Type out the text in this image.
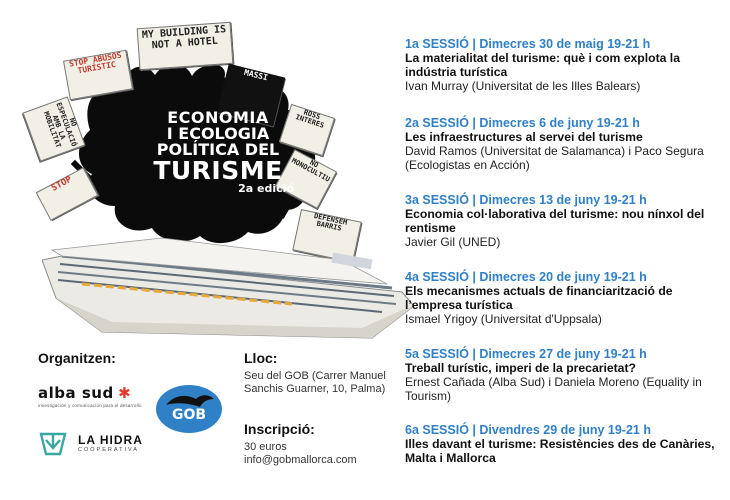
MY BUILDING IS NOT A HOTEL
STOP ABUSOS TURÍSTIC
NO ESPECULACIÓ AMB LA MOBILITAT	ROSS INTERES
STOP
NO MONOCULTIU
DEFENSEM BARRIS
MASSI
ECONOMIA
I ECOLOGIA
POLÍTICA DEL
TURISME
2a edició
1a SESSIÓ | Dimecres 30 de maig 19-21 h
La materialitat del turisme: què i com explota la indústria turística
Ivan Murray (Universitat de les Illes Balears)
2a SESSIÓ | Dimecres 6 de juny 19-21 h
Les infraestructures al servei del turisme
David Ramos (Universitat de Salamanca) i Paco Segura (Ecologistas en Acción)
3a SESSIÓ | Dimecres 13 de juny 19-21 h
Economia col·laborativa del turisme: nou nínxol del rentisme
Javier Gil (UNED)
4a SESSIÓ | Dimecres 20 de juny 19-21 h
Els mecanismes actuals de financiarització de l’empresa turística
Ismael Yrigoy (Universitat d'Uppsala)
5a SESSIÓ | Dimecres 27 de juny 19-21 h
Treball turístic, imperi de la precarietat?
Ernest Cañada (Alba Sud) i Daniela Moreno (Equality in Tourism)
6a SESSIÓ | Divendres 29 de juny 19-21 h
Illes davant el turisme: Resistències des de Canàries, Malta i Mallorca
Organitzen:
alba sud ✱
investigación y comunicación para el desarrollo
GOB
LA HIDRA
COOPERATIVA
Lloc:
Seu del GOB (Carrer Manuel Sanchis Guarner, 10, Palma)
Inscripció:
30 euros
info@gobmallorca.com
